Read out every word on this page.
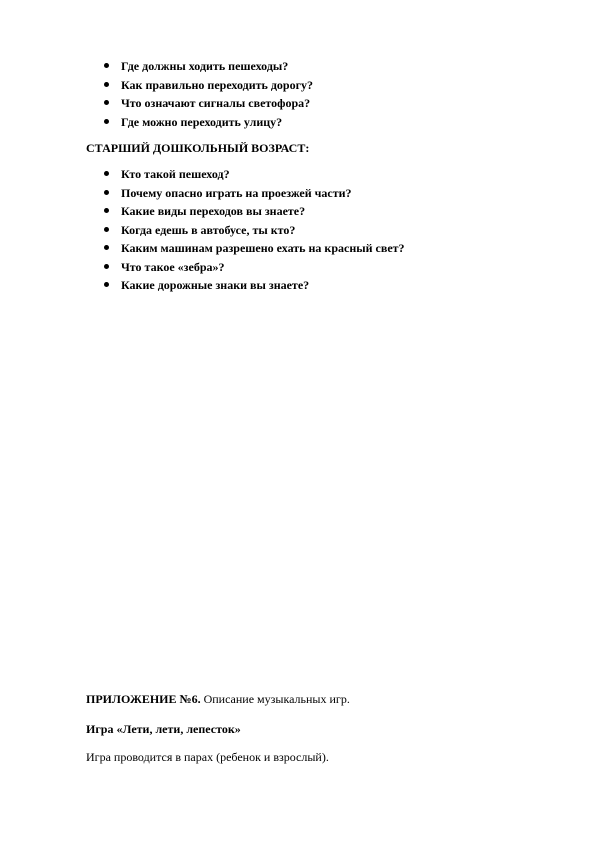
Где должны ходить пешеходы?
Как правильно переходить дорогу?
Что означают сигналы светофора?
Где можно переходить улицу?
СТАРШИЙ ДОШКОЛЬНЫЙ ВОЗРАСТ:
Кто такой пешеход?
Почему опасно играть на проезжей части?
Какие виды переходов вы знаете?
Когда едешь в автобусе, ты кто?
Каким машинам разрешено ехать на красный свет?
Что такое «зебра»?
Какие дорожные знаки вы знаете?
ПРИЛОЖЕНИЕ №6. Описание музыкальных игр.
Игра «Лети, лети, лепесток»
Игра проводится в парах (ребенок и взрослый).
